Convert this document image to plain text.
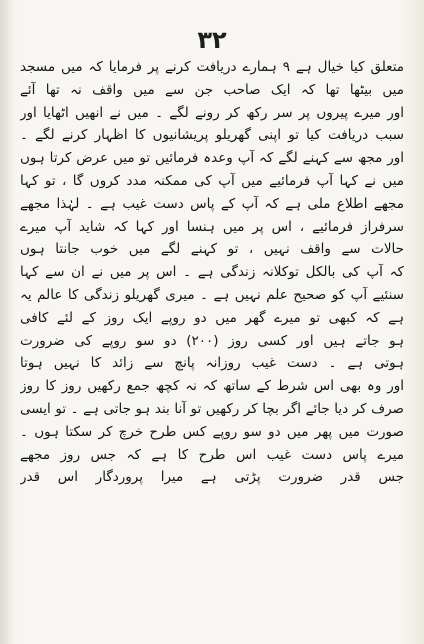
۳۲
متعلق کیا خیال ہے ۹ ہمارے دریافت کرنے پر فرمایا کہ میں مسجد
میں بیٹھا تھا کہ ایک صاحب جن سے میں واقف نہ تھا آئے
اور میرے پیروں پر سر رکھ کر رونے لگے ۔ میں نے انھیں اٹھایا اور
سبب دریافت کیا تو اپنی گھریلو پریشانیوں کا اظہار کرنے لگے ۔
اور مجھ سے کہنے لگے کہ آپ وعدہ فرمائیں تو میں عرض کرتا ہوں
میں نے کہا آپ فرمائیے میں آپ کی ممکنہ مدد کروں گا ، تو کہا
مجھے اطلاع ملی ہے کہ آپ کے پاس دست غیب ہے ۔ لہٰذا مجھے
سرفراز فرمائیے ، اس پر میں ہنسا اور کہا کہ شاید آپ میرے
حالات سے واقف نہیں ، تو کہنے لگے میں خوب جانتا ہوں
کہ آپ کی بالکل توکلانہ زندگی ہے ۔ اس پر میں نے ان سے کہا
سنئیے آپ کو صحیح علم نہیں ہے ۔ میری گھریلو زندگی کا عالم یہ
ہے کہ کبھی تو میرے گھر میں دو روپے ایک روز کے لئے کافی
ہو جاتے ہیں اور کسی روز (۲۰۰) دو سو روپے کی ضرورت
ہوتی ہے ۔ دست غیب روزانہ پانچ سے زائد کا نہیں ہوتا
اور وہ بھی اس شرط کے ساتھ کہ نہ کچھ جمع رکھیں روز کا روز
صرف کر دیا جائے اگر بچا کر رکھیں تو آنا بند ہو جاتی ہے ۔ تو ایسی
صورت میں پھر میں دو سو روپے کس طرح خرچ کر سکتا ہوں ۔
میرے پاس دست غیب اس طرح کا ہے کہ جس روز مجھے
جس قدر ضرورت پڑتی ہے میرا پروردگار اس قدر
